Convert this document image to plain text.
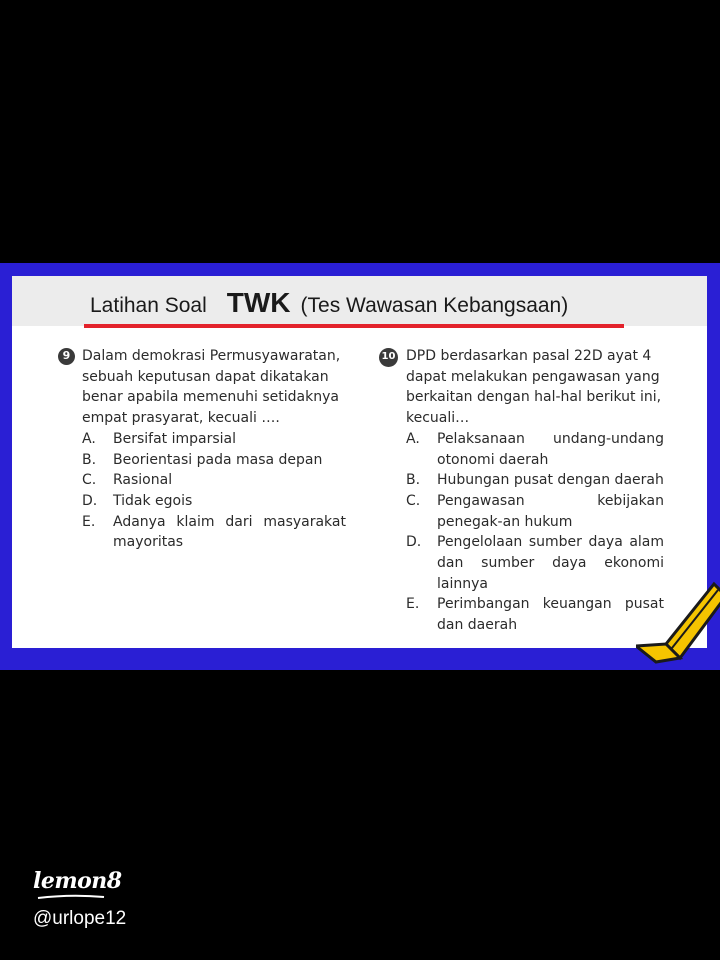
Latihan Soal TWK (Tes Wawasan Kebangsaan)
9 Dalam demokrasi Permusyawaratan,
sebuah keputusan dapat dikatakan
benar apabila memenuhi setidaknya
empat prasyarat, kecuali ….
A.	Bersifat imparsial
B.	Beorientasi pada masa depan
C.	Rasional
D.	Tidak egois
E.	Adanya klaim dari masyarakat mayoritas
10 DPD berdasarkan pasal 22D ayat 4
dapat melakukan pengawasan yang
berkaitan dengan hal-hal berikut ini,
kecuali…
A.	Pelaksanaan undang-undang otonomi daerah
B.	Hubungan pusat dengan daerah
C.	Pengawasan kebijakan penegak-an hukum
D.	Pengelolaan sumber daya alam dan sumber daya ekonomi lainnya
E.	Perimbangan keuangan pusat dan daerah
lemon8
@urlope12
